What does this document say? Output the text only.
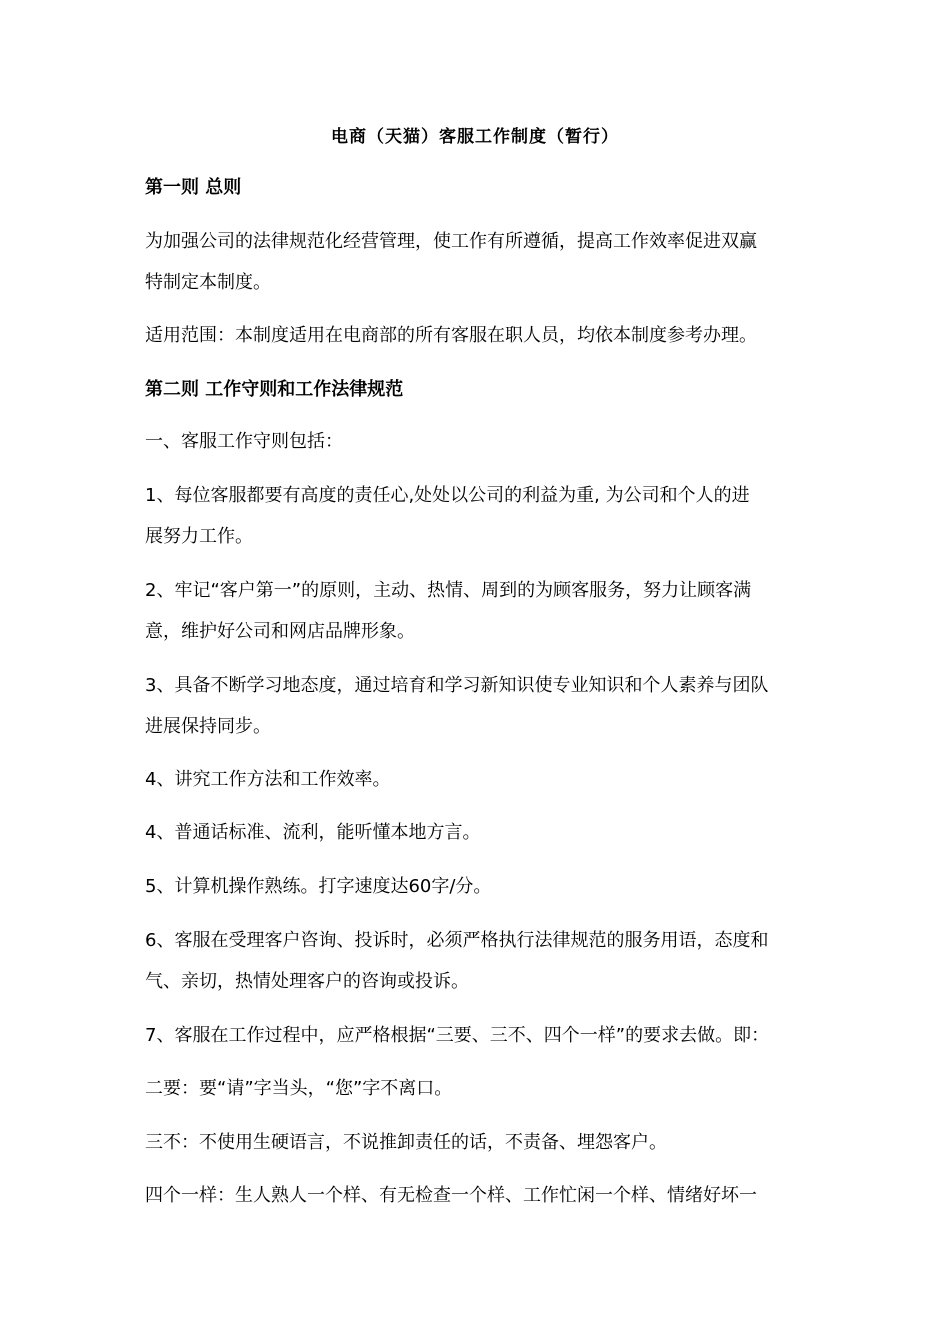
电商（天猫）客服工作制度（暂行）
第一则 总则
为加强公司的法律规范化经营管理，使工作有所遵循，提高工作效率促进双赢
特制定本制度。
适用范围：本制度适用在电商部的所有客服在职人员，均依本制度参考办理。
第二则 工作守则和工作法律规范
一、客服工作守则包括：
1、每位客服都要有高度的责任心,处处以公司的利益为重, 为公司和个人的进
展努力工作。
2、牢记“客户第一”的原则，主动、热情、周到的为顾客服务，努力让顾客满
意，维护好公司和网店品牌形象。
3、具备不断学习地态度，通过培育和学习新知识使专业知识和个人素养与团队
进展保持同步。
4、讲究工作方法和工作效率。
4、普通话标准、流利，能听懂本地方言。
5、计算机操作熟练。打字速度达60字/分。
6、客服在受理客户咨询、投诉时，必须严格执行法律规范的服务用语，态度和
气、亲切，热情处理客户的咨询或投诉。
7、客服在工作过程中，应严格根据“三要、三不、四个一样”的要求去做。即：
二要：要“请”字当头，“您”字不离口。
三不：不使用生硬语言，不说推卸责任的话，不责备、埋怨客户。
四个一样：生人熟人一个样、有无检查一个样、工作忙闲一个样、情绪好坏一
